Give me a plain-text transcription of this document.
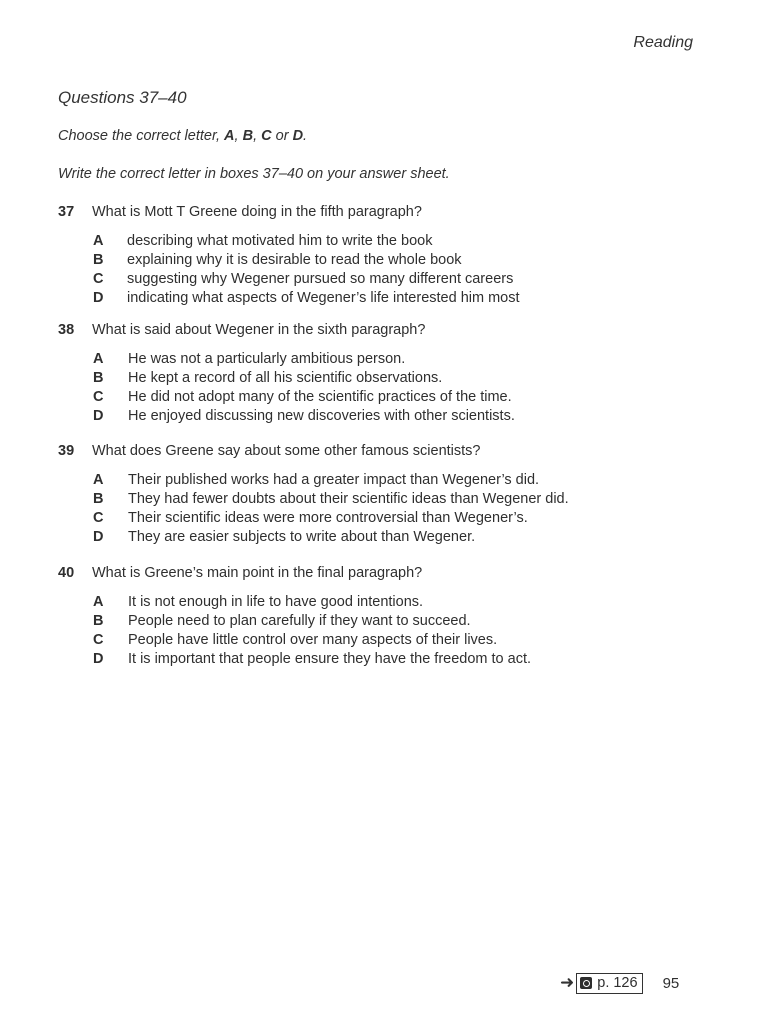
Reading
Questions 37–40
Choose the correct letter, A, B, C or D.
Write the correct letter in boxes 37–40 on your answer sheet.
37 What is Mott T Greene doing in the fifth paragraph?
A describing what motivated him to write the book
B explaining why it is desirable to read the whole book
C suggesting why Wegener pursued so many different careers
D indicating what aspects of Wegener’s life interested him most
38 What is said about Wegener in the sixth paragraph?
A He was not a particularly ambitious person.
B He kept a record of all his scientific observations.
C He did not adopt many of the scientific practices of the time.
D He enjoyed discussing new discoveries with other scientists.
39 What does Greene say about some other famous scientists?
A Their published works had a greater impact than Wegener’s did.
B They had fewer doubts about their scientific ideas than Wegener did.
C Their scientific ideas were more controversial than Wegener’s.
D They are easier subjects to write about than Wegener.
40 What is Greene’s main point in the final paragraph?
A It is not enough in life to have good intentions.
B People need to plan carefully if they want to succeed.
C People have little control over many aspects of their lives.
D It is important that people ensure they have the freedom to act.
➜ p. 126 95
